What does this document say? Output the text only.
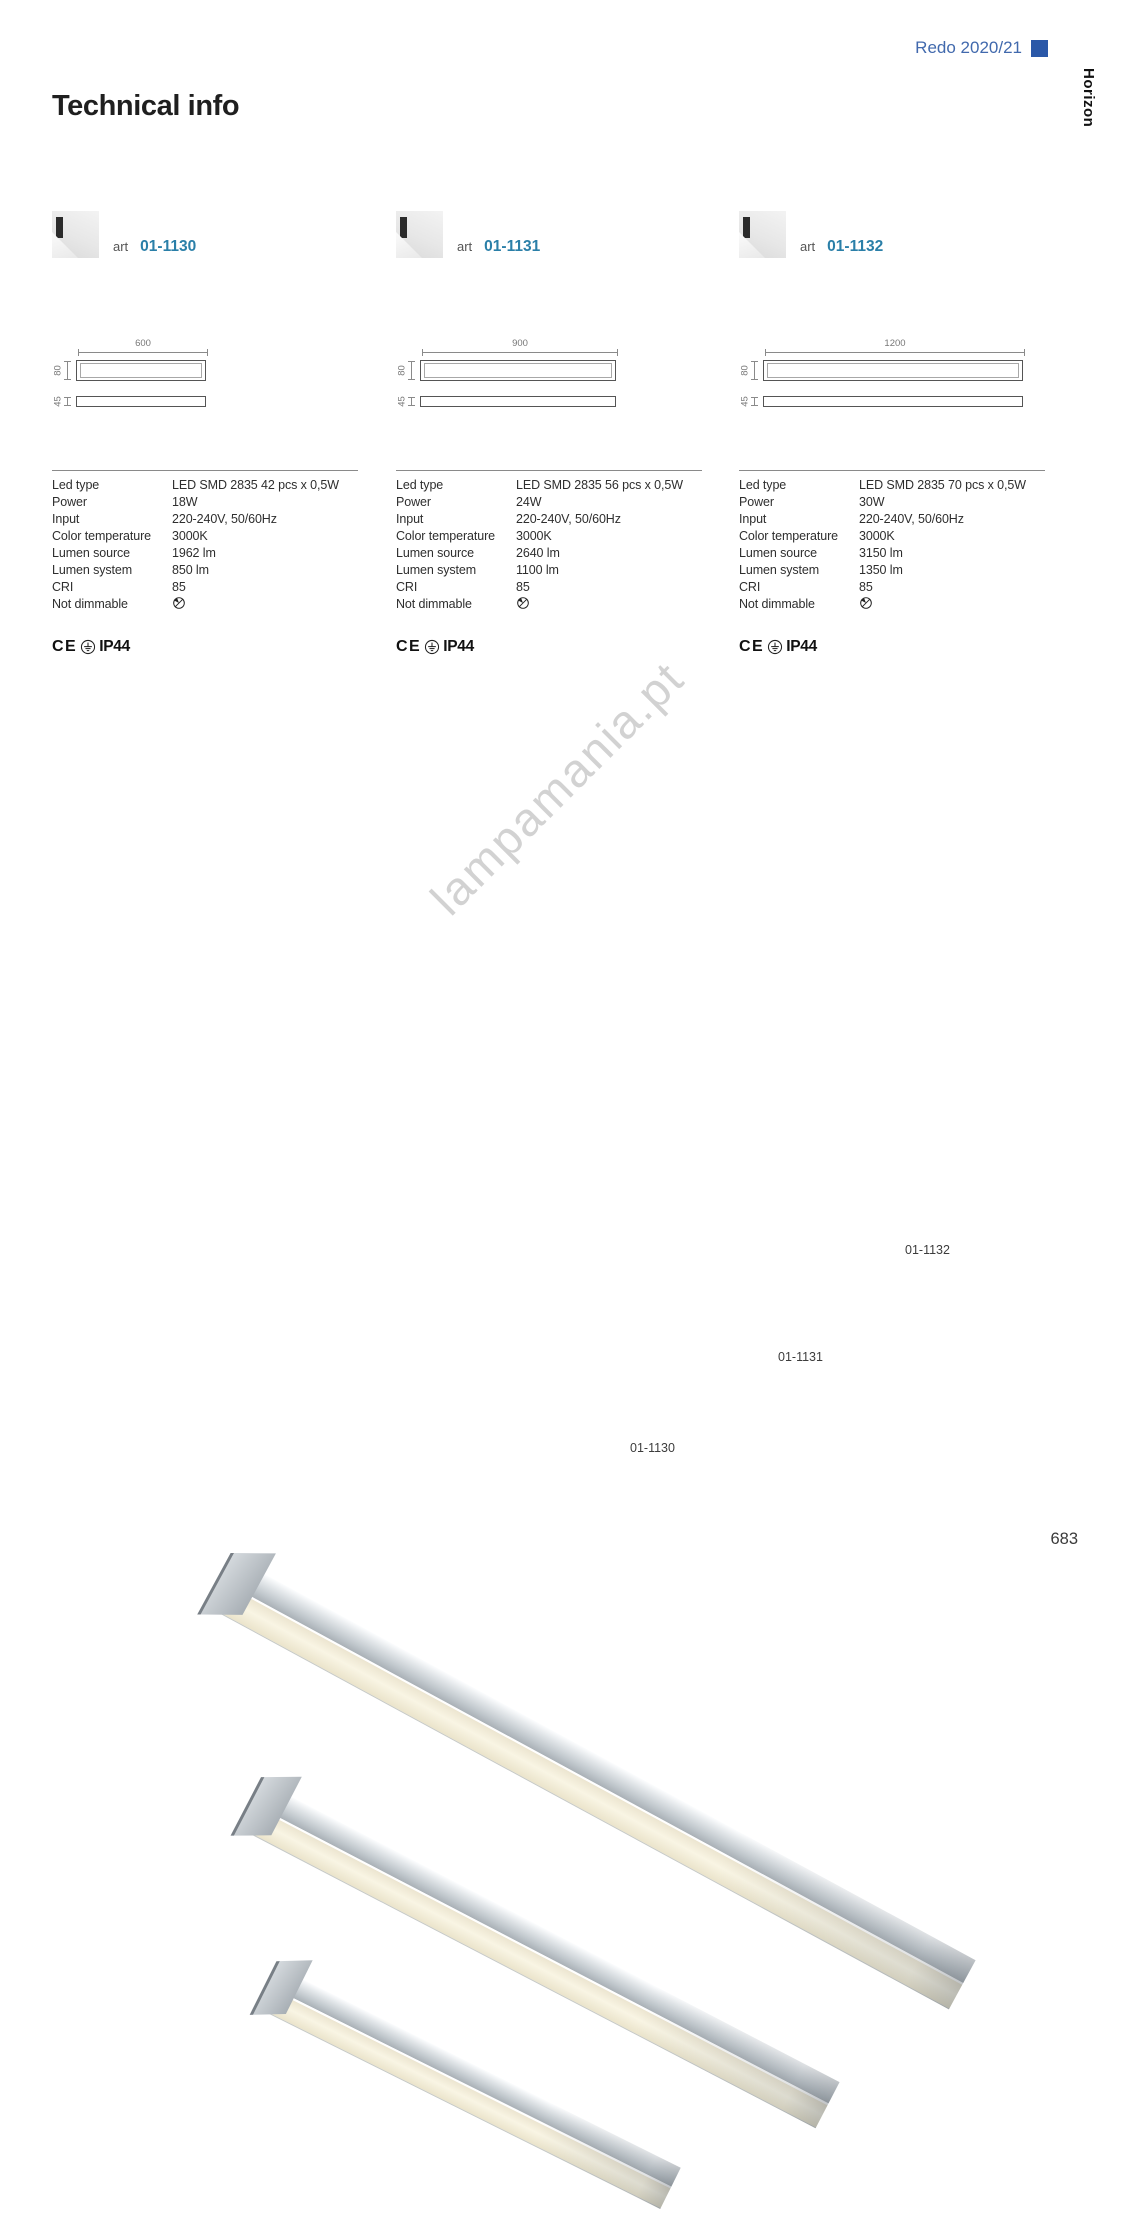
Redo 2020/21
Horizon
Technical info
art 01-1130
600
80
45
Led type	LED SMD 2835 42 pcs x 0,5W
Power	18W
Input	220-240V, 50/60Hz
Color temperature	3000K
Lumen source	1962 lm
Lumen system	850 lm
CRI	85
Not dimmable
CE IP44
art 01-1131
900
80
45
Led type	LED SMD 2835 56 pcs x 0,5W
Power	24W
Input	220-240V, 50/60Hz
Color temperature	3000K
Lumen source	2640 lm
Lumen system	1100 lm
CRI	85
Not dimmable
CE IP44
art 01-1132
1200
80
45
Led type	LED SMD 2835 70 pcs x 0,5W
Power	30W
Input	220-240V, 50/60Hz
Color temperature	3000K
Lumen source	3150 lm
Lumen system	1350 lm
CRI	85
Not dimmable
CE IP44
01-1132
01-1131
01-1130
lampamania.pt
683
